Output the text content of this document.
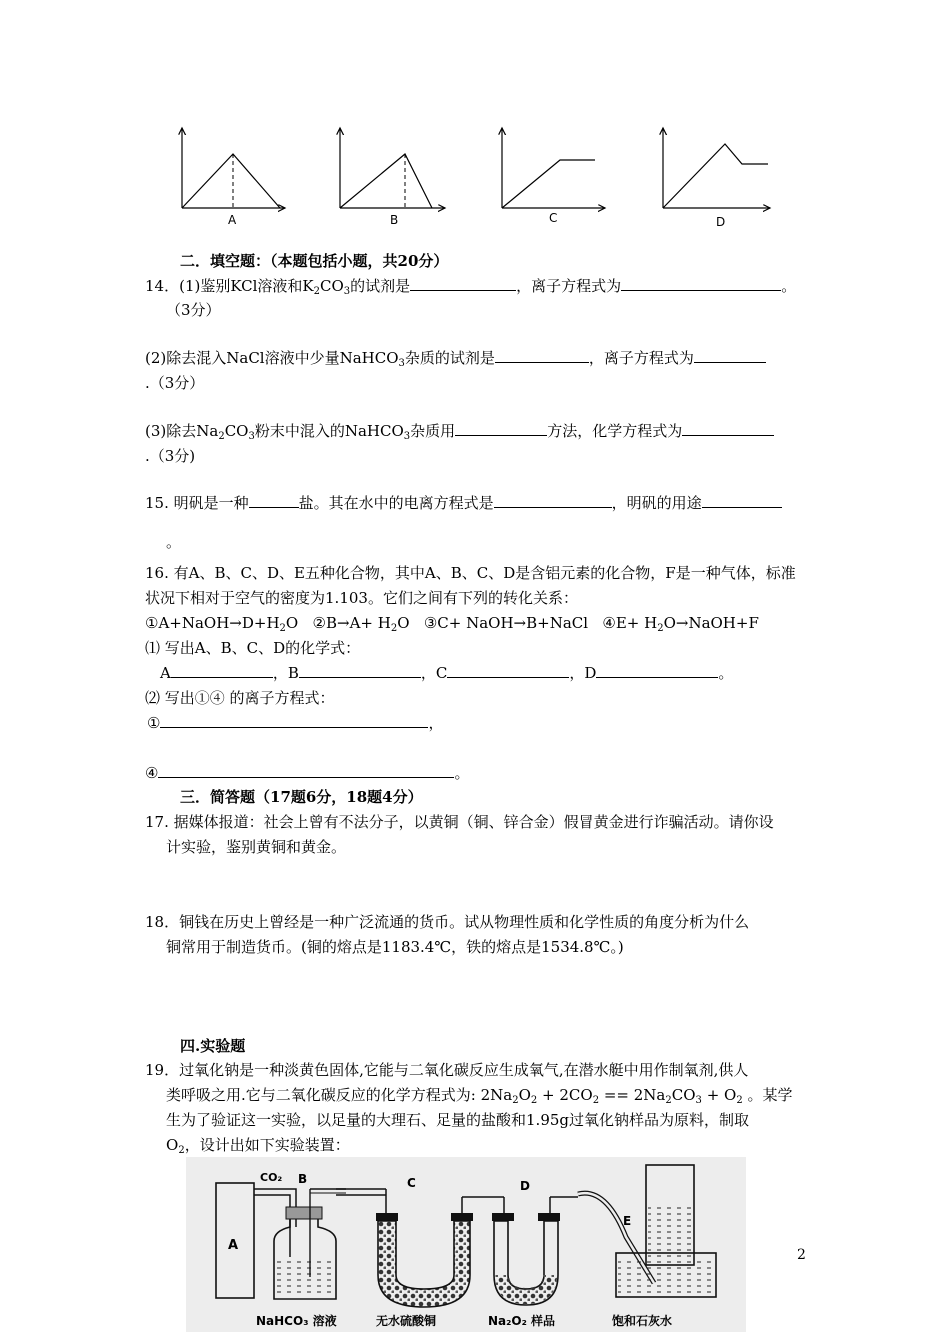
A	B	C	D
二．填空题：（本题包括小题，共20分）
14．(1)鉴别KCl溶液和$K_2CO_3$的试剂是	，离子方程式为	。
（3分）
(2)除去混入NaCl溶液中少量NaHCO$_3$杂质的试剂是	，离子方程式为
.（3分）
(3)除去$Na_2CO_3$粉末中混入的NaHCO$_3$杂质用	方法，化学方程式为
.（3分)
15. 明矾是一种	盐。其在水中的电离方程式是	，明矾的用途
。
16. 有A、B、C、D、E五种化合物，其中A、B、C、D是含铝元素的化合物，F是一种气体，标准
状况下相对于空气的密度为1.103。它们之间有下列的转化关系：
$①A+NaOH\to D+H_2O$ ②B→A+ $H_2O$ ③C+ NaOH→B+NaCl ④E+ $H_2O\to NaOH+F$
⑴ 写出A、B、C、D的化学式：
A	，B	，C	，D	。
⑵ 写出①④ 的离子方程式：
①	，
④	。
三．简答题（17题6分，18题4分）
17. 据媒体报道：社会上曾有不法分子，以黄铜（铜、锌合金）假冒黄金进行诈骗活动。请你设
计实验，鉴别黄铜和黄金。
18．铜钱在历史上曾经是一种广泛流通的货币。试从物理性质和化学性质的角度分析为什么
铜常用于制造货币。(铜的熔点是1183.4℃，铁的熔点是1534.8℃。)
四.实验题
19．过氧化钠是一种淡黄色固体,它能与二氧化碳反应生成氧气,在潜水艇中用作制氧剂,供人
类呼吸之用.它与二氧化碳反应的化学方程式为: $2Na_2O_2 + 2CO_2 == 2Na_2CO_3 + O_2$ 。某学
生为了验证这一实验，以足量的大理石、足量的盐酸和1.95g过氧化钠样品为原料，制取
$O_2$，设计出如下实验装置：
A
CO₂ B	C	D
E
NaHCO₃ 溶液	无水硫酸铜	Na₂O₂ 样品	饱和石灰水
2
